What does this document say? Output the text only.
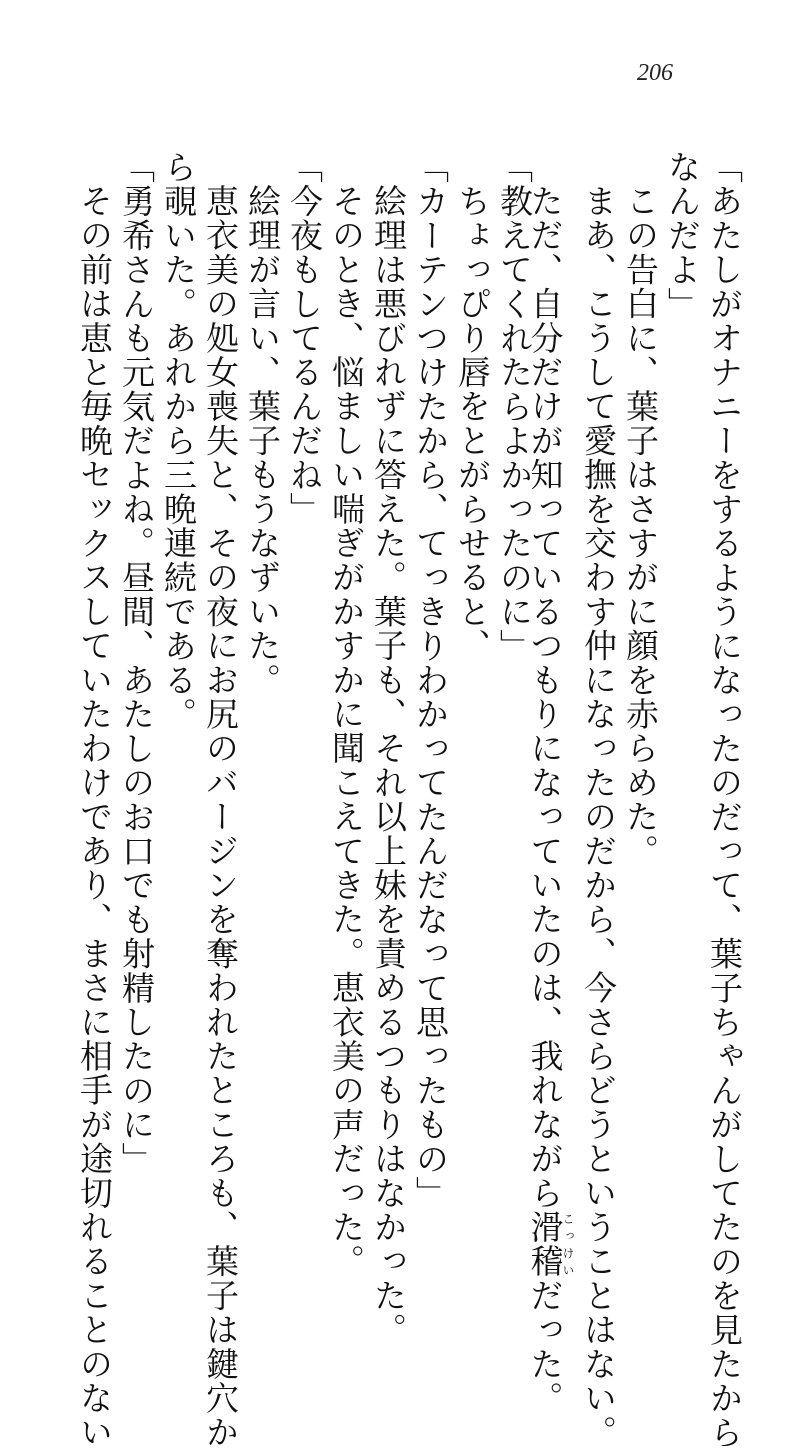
206
「あたしがオナニーをするようになったのだって、葉子ちゃんがしてたのを見たから
なんだよ」
この告白に、葉子はさすがに顔を赤らめた。
まあ、こうして愛撫を交わす仲になったのだから、今さらどうということはない。
ただ、自分だけが知っているつもりになっていたのは、我れながら滑稽こっけいだった。
「教えてくれたらよかったのに」
ちょっぴり唇をとがらせると、
「カーテンつけたから、てっきりわかってたんだなって思ったもの」
絵理は悪びれずに答えた。葉子も、それ以上妹を責めるつもりはなかった。
そのとき、悩ましい喘ぎがかすかに聞こえてきた。恵衣美の声だった。
「今夜もしてるんだね」
絵理が言い、葉子もうなずいた。
恵衣美の処女喪失と、その夜にお尻のバージンを奪われたところも、葉子は鍵穴か
ら覗いた。あれから三晩連続である。
「勇希さんも元気だよね。昼間、あたしのお口でも射精したのに」
その前は恵と毎晩セックスしていたわけであり、まさに相手が途切れることのない
